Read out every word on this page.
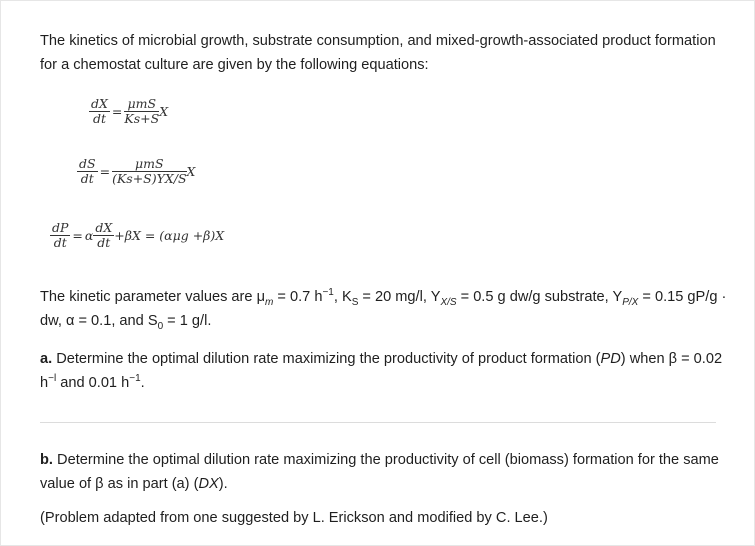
The kinetics of microbial growth, substrate consumption, and mixed-growth-associated product formation for a chemostat culture are given by the following equations:

$\frac{dX}{dt} = \frac{\text{μmS}}{Ks+S}$ X
$\frac{dS}{dt} = \frac{\text{μmS}}{(Ks+S)YX/S}$ X
$\frac{dP}{dt} = \alpha \frac{dX}{dt} +\beta X = (\alpha\mu g +\beta)X$

The kinetic parameter values are $\mu_m = 0.7$ $h^{-1}$, $K_S = 20$ mg/l, $Y_{X/S} = 0.5$ g dw/g substrate, $Y_{P/X} = 0.15$ gP/g · dw, α = 0.1, and $S_0 = 1$ g/l.

a. Determine the optimal dilution rate maximizing the productivity of product formation (PD) when β = 0.02 $h^{-l}$ and 0.01 $h^{-1}$.

b. Determine the optimal dilution rate maximizing the productivity of cell (biomass) formation for the same value of β as in part (a) (DX).

(Problem adapted from one suggested by L. Erickson and modified by C. Lee.)
